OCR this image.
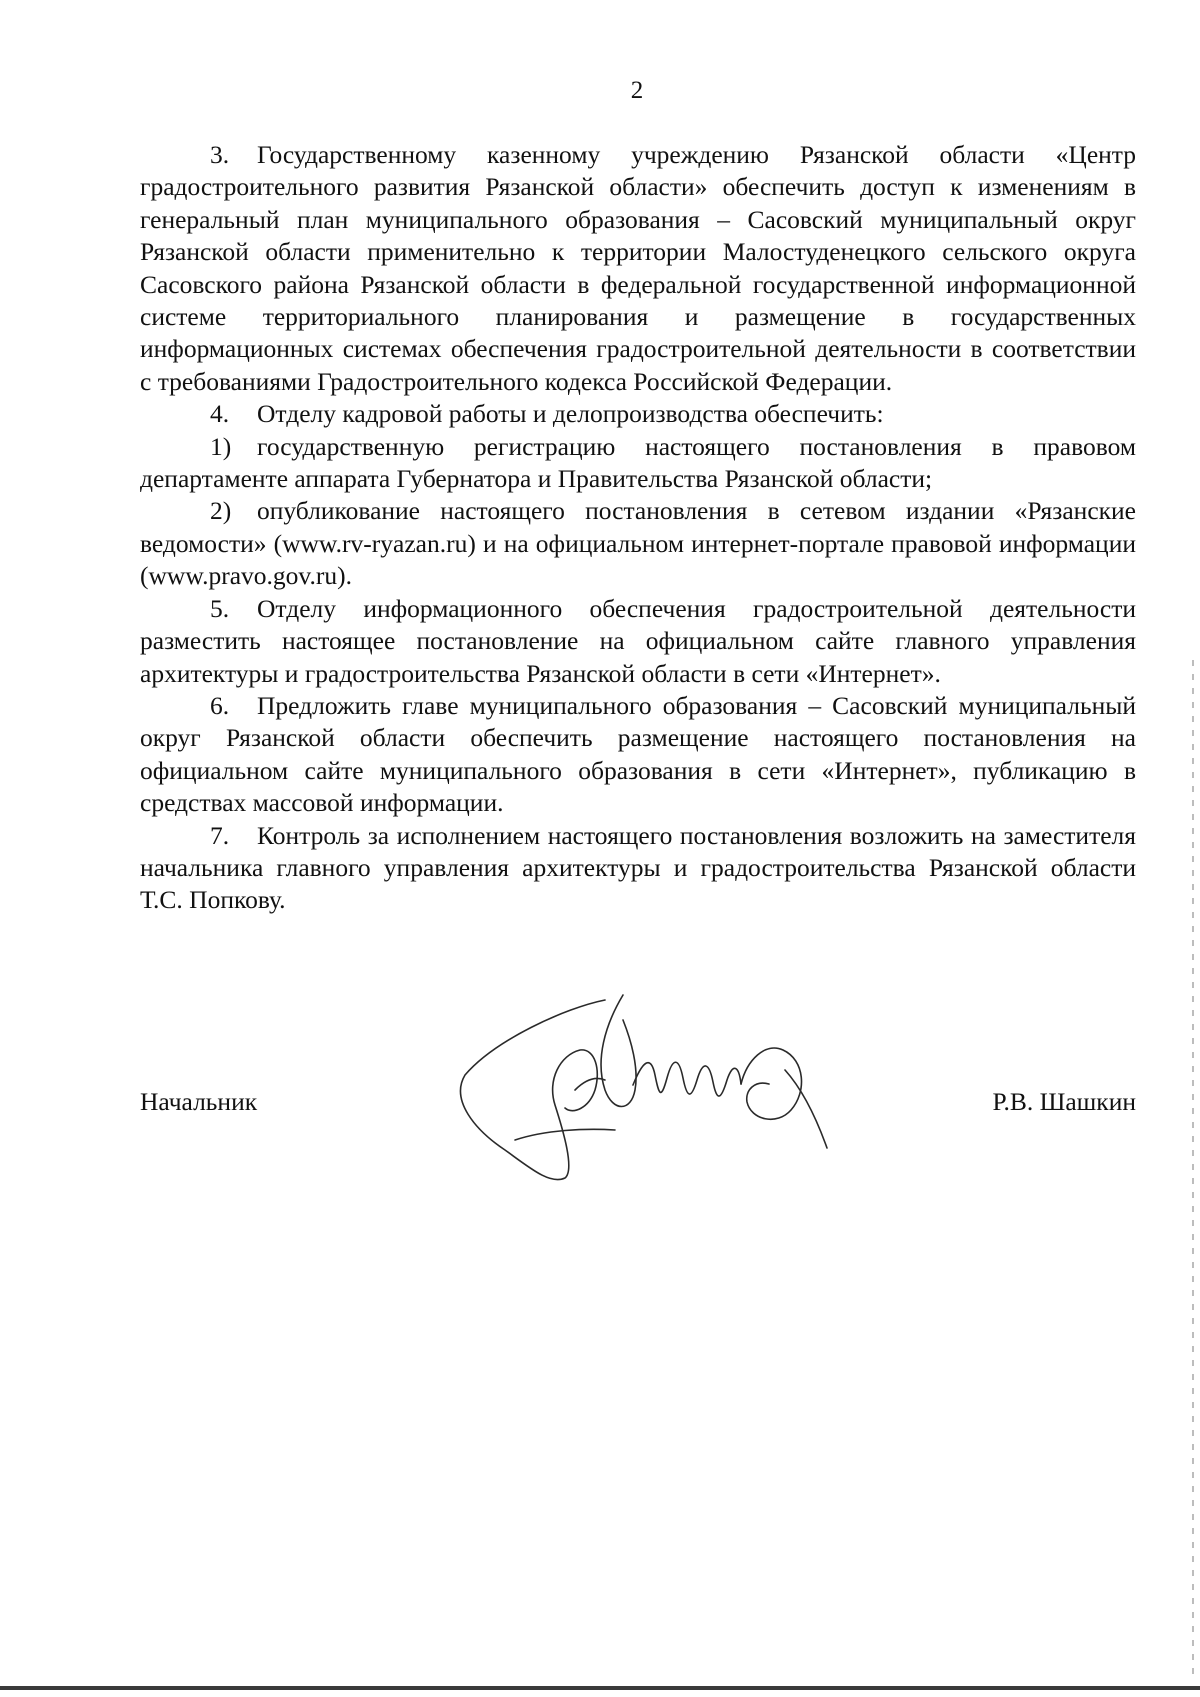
2

3. Государственному казенному учреждению Рязанской области «Центр градостроительного развития Рязанской области» обеспечить доступ к изменениям в генеральный план муниципального образования – Сасовский муниципальный округ Рязанской области применительно к территории Малостуденецкого сельского округа Сасовского района Рязанской области в федеральной государственной информационной системе территориального планирования и размещение в государственных информационных системах обеспечения градостроительной деятельности в соответствии с требованиями Градостроительного кодекса Российской Федерации.

4. Отделу кадровой работы и делопроизводства обеспечить:

1) государственную регистрацию настоящего постановления в правовом департаменте аппарата Губернатора и Правительства Рязанской области;

2) опубликование настоящего постановления в сетевом издании «Рязанские ведомости» (www.rv-ryazan.ru) и на официальном интернет-портале правовой информации (www.pravo.gov.ru).

5. Отделу информационного обеспечения градостроительной деятельности разместить настоящее постановление на официальном сайте главного управления архитектуры и градостроительства Рязанской области в сети «Интернет».

6. Предложить главе муниципального образования – Сасовский муниципальный округ Рязанской области обеспечить размещение настоящего постановления на официальном сайте муниципального образования в сети «Интернет», публикацию в средствах массовой информации.

7. Контроль за исполнением настоящего постановления возложить на заместителя начальника главного управления архитектуры и градостроительства Рязанской области Т.С. Попкову.

Начальник	Р.В. Шашкин
